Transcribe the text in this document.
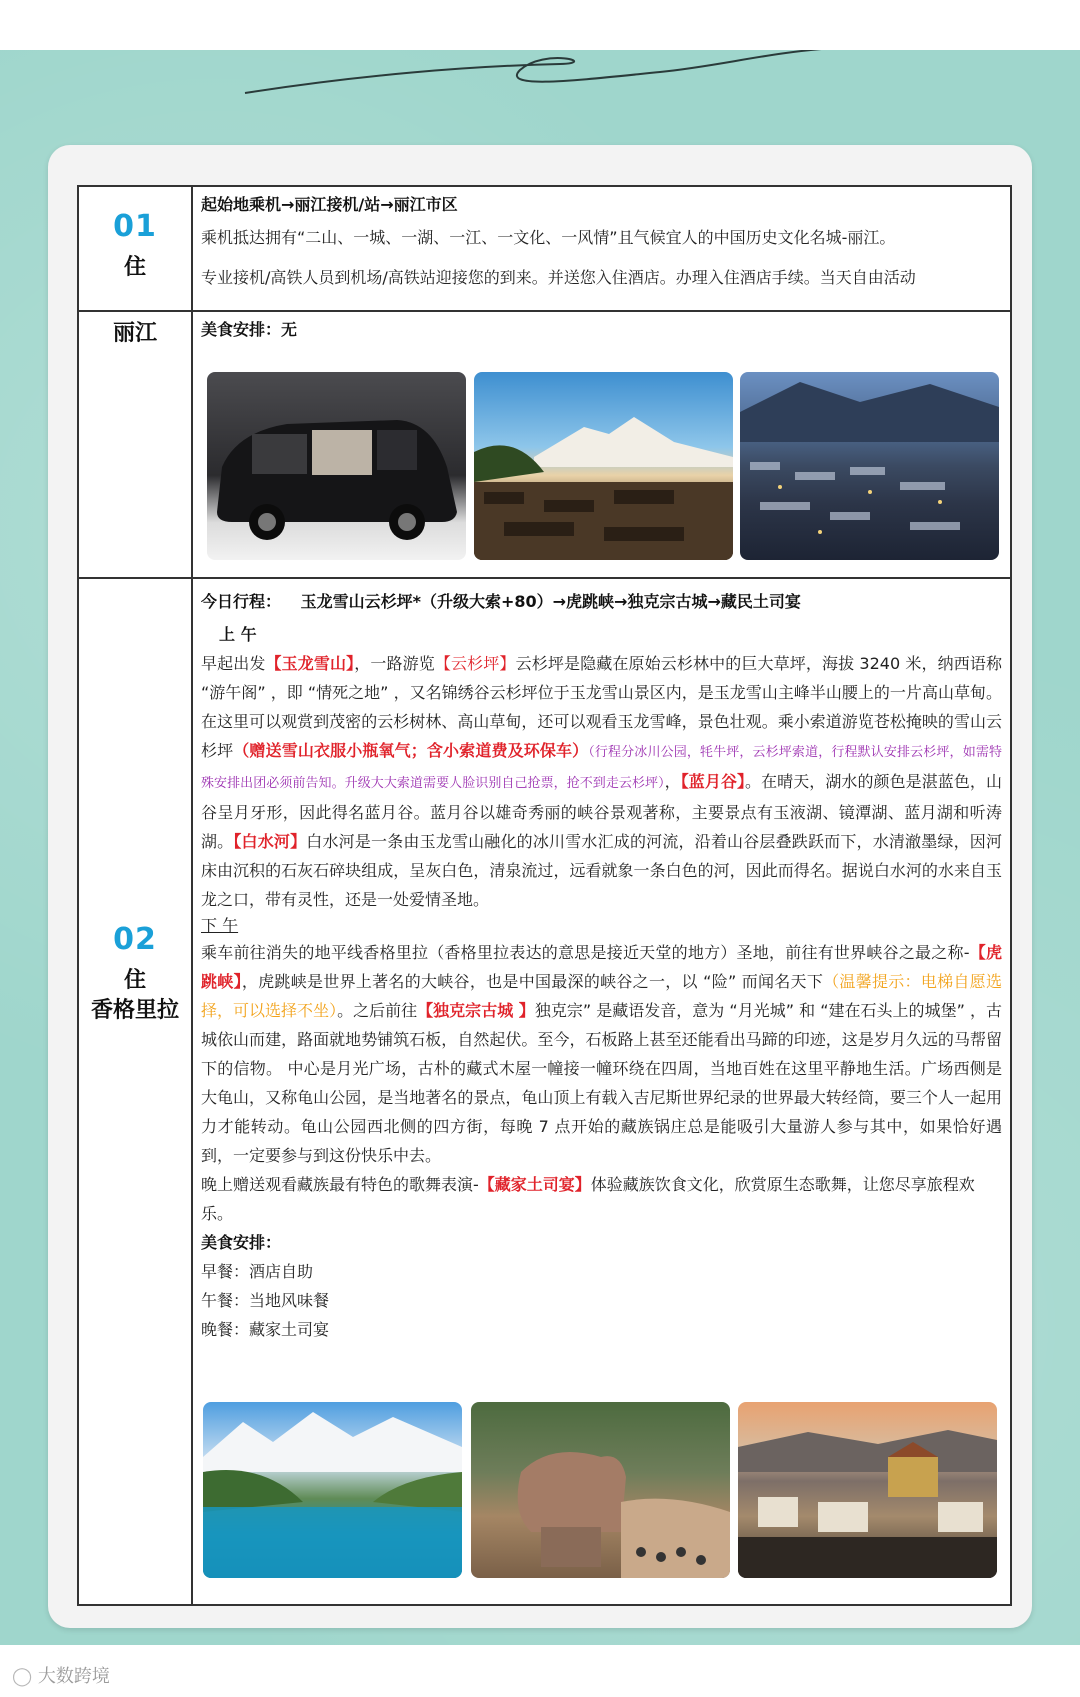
01
住
丽江

起始地乘机→丽江接机/站→丽江市区

乘机抵达拥有“二山、一城、一湖、一江、一文化、一风情”且气候宜人的中国历史文化名城-丽江。

专业接机/高铁人员到机场/高铁站迎接您的到来。并送您入住酒店。办理入住酒店手续。当天自由活动

美食安排：无

02
住
香格里拉

今日行程： 玉龙雪山云杉坪*（升级大索+80）→虎跳峡→独克宗古城→藏民土司宴

上 午

早起出发【玉龙雪山】，一路游览【云杉坪】云杉坪是隐藏在原始云杉林中的巨大草坪，海拔 3240 米，纳西语称 “游午阁” ，即 “情死之地” ，又名锦绣谷云杉坪位于玉龙雪山景区内，是玉龙雪山主峰半山腰上的一片高山草甸。在这里可以观赏到茂密的云杉树林、高山草甸，还可以观看玉龙雪峰，景色壮观。乘小索道游览苍松掩映的雪山云杉坪（赠送雪山衣服小瓶氧气；含小索道费及环保车）（行程分冰川公园，牦牛坪，云杉坪索道，行程默认安排云杉坪，如需特殊安排出团必须前告知。升级大大索道需要人脸识别自己抢票，抢不到走云杉坪），【蓝月谷】。在晴天，湖水的颜色是湛蓝色，山谷呈月牙形，因此得名蓝月谷。蓝月谷以雄奇秀丽的峡谷景观著称，主要景点有玉液湖、镜潭湖、蓝月湖和听涛湖。【白水河】白水河是一条由玉龙雪山融化的冰川雪水汇成的河流，沿着山谷层叠跌跃而下，水清澈墨绿，因河床由沉积的石灰石碎块组成，呈灰白色，清泉流过，远看就象一条白色的河，因此而得名。据说白水河的水来自玉龙之口，带有灵性，还是一处爱情圣地。

下 午

乘车前往消失的地平线香格里拉（香格里拉表达的意思是接近天堂的地方）圣地，前往有世界峡谷之最之称-【虎跳峡】，虎跳峡是世界上著名的大峡谷，也是中国最深的峡谷之一，以 “险” 而闻名天下（温馨提示：电梯自愿选择，可以选择不坐）。之后前往【独克宗古城 】独克宗” 是藏语发音，意为 “月光城” 和 “建在石头上的城堡” ，古城依山而建，路面就地势铺筑石板，自然起伏。至今，石板路上甚至还能看出马蹄的印迹，这是岁月久远的马帮留下的信物。 中心是月光广场，古朴的藏式木屋一幢接一幢环绕在四周，当地百姓在这里平静地生活。广场西侧是大龟山，又称龟山公园，是当地著名的景点，龟山顶上有载入吉尼斯世界纪录的世界最大转经筒，要三个人一起用力才能转动。龟山公园西北侧的四方街，每晚 7 点开始的藏族锅庄总是能吸引大量游人参与其中，如果恰好遇到，一定要参与到这份快乐中去。

晚上赠送观看藏族最有特色的歌舞表演-【藏家土司宴】体验藏族饮食文化，欣赏原生态歌舞，让您尽享旅程欢乐。

美食安排：

早餐：酒店自助

午餐：当地风味餐

晚餐：藏家土司宴

◯ 大数跨境
